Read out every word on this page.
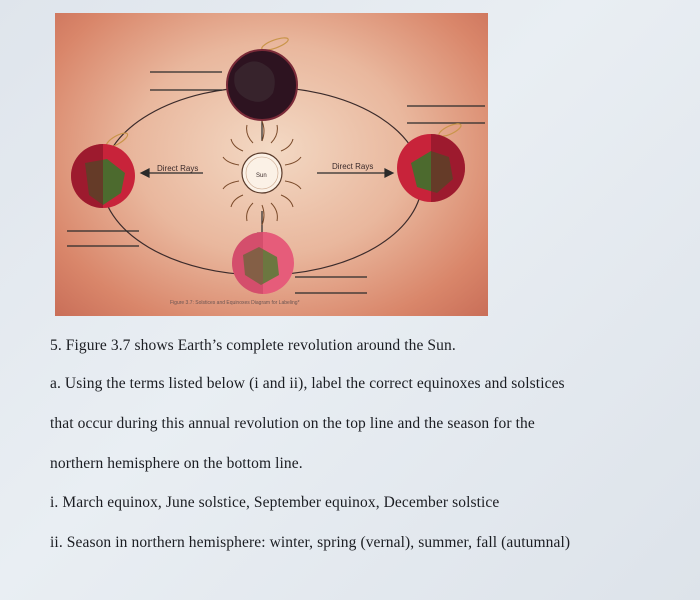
Direct Rays	Direct Rays
Sun
Figure 3.7: Solstices and Equinoxes Diagram for Labeling*
5. Figure 3.7 shows Earth’s complete revolution around the Sun.
a. Using the terms listed below (i and ii), label the correct equinoxes and solstices
that occur during this annual revolution on the top line and the season for the
northern hemisphere on the bottom line.
i. March equinox, June solstice, September equinox, December solstice
ii. Season in northern hemisphere: winter, spring (vernal), summer, fall (autumnal)
